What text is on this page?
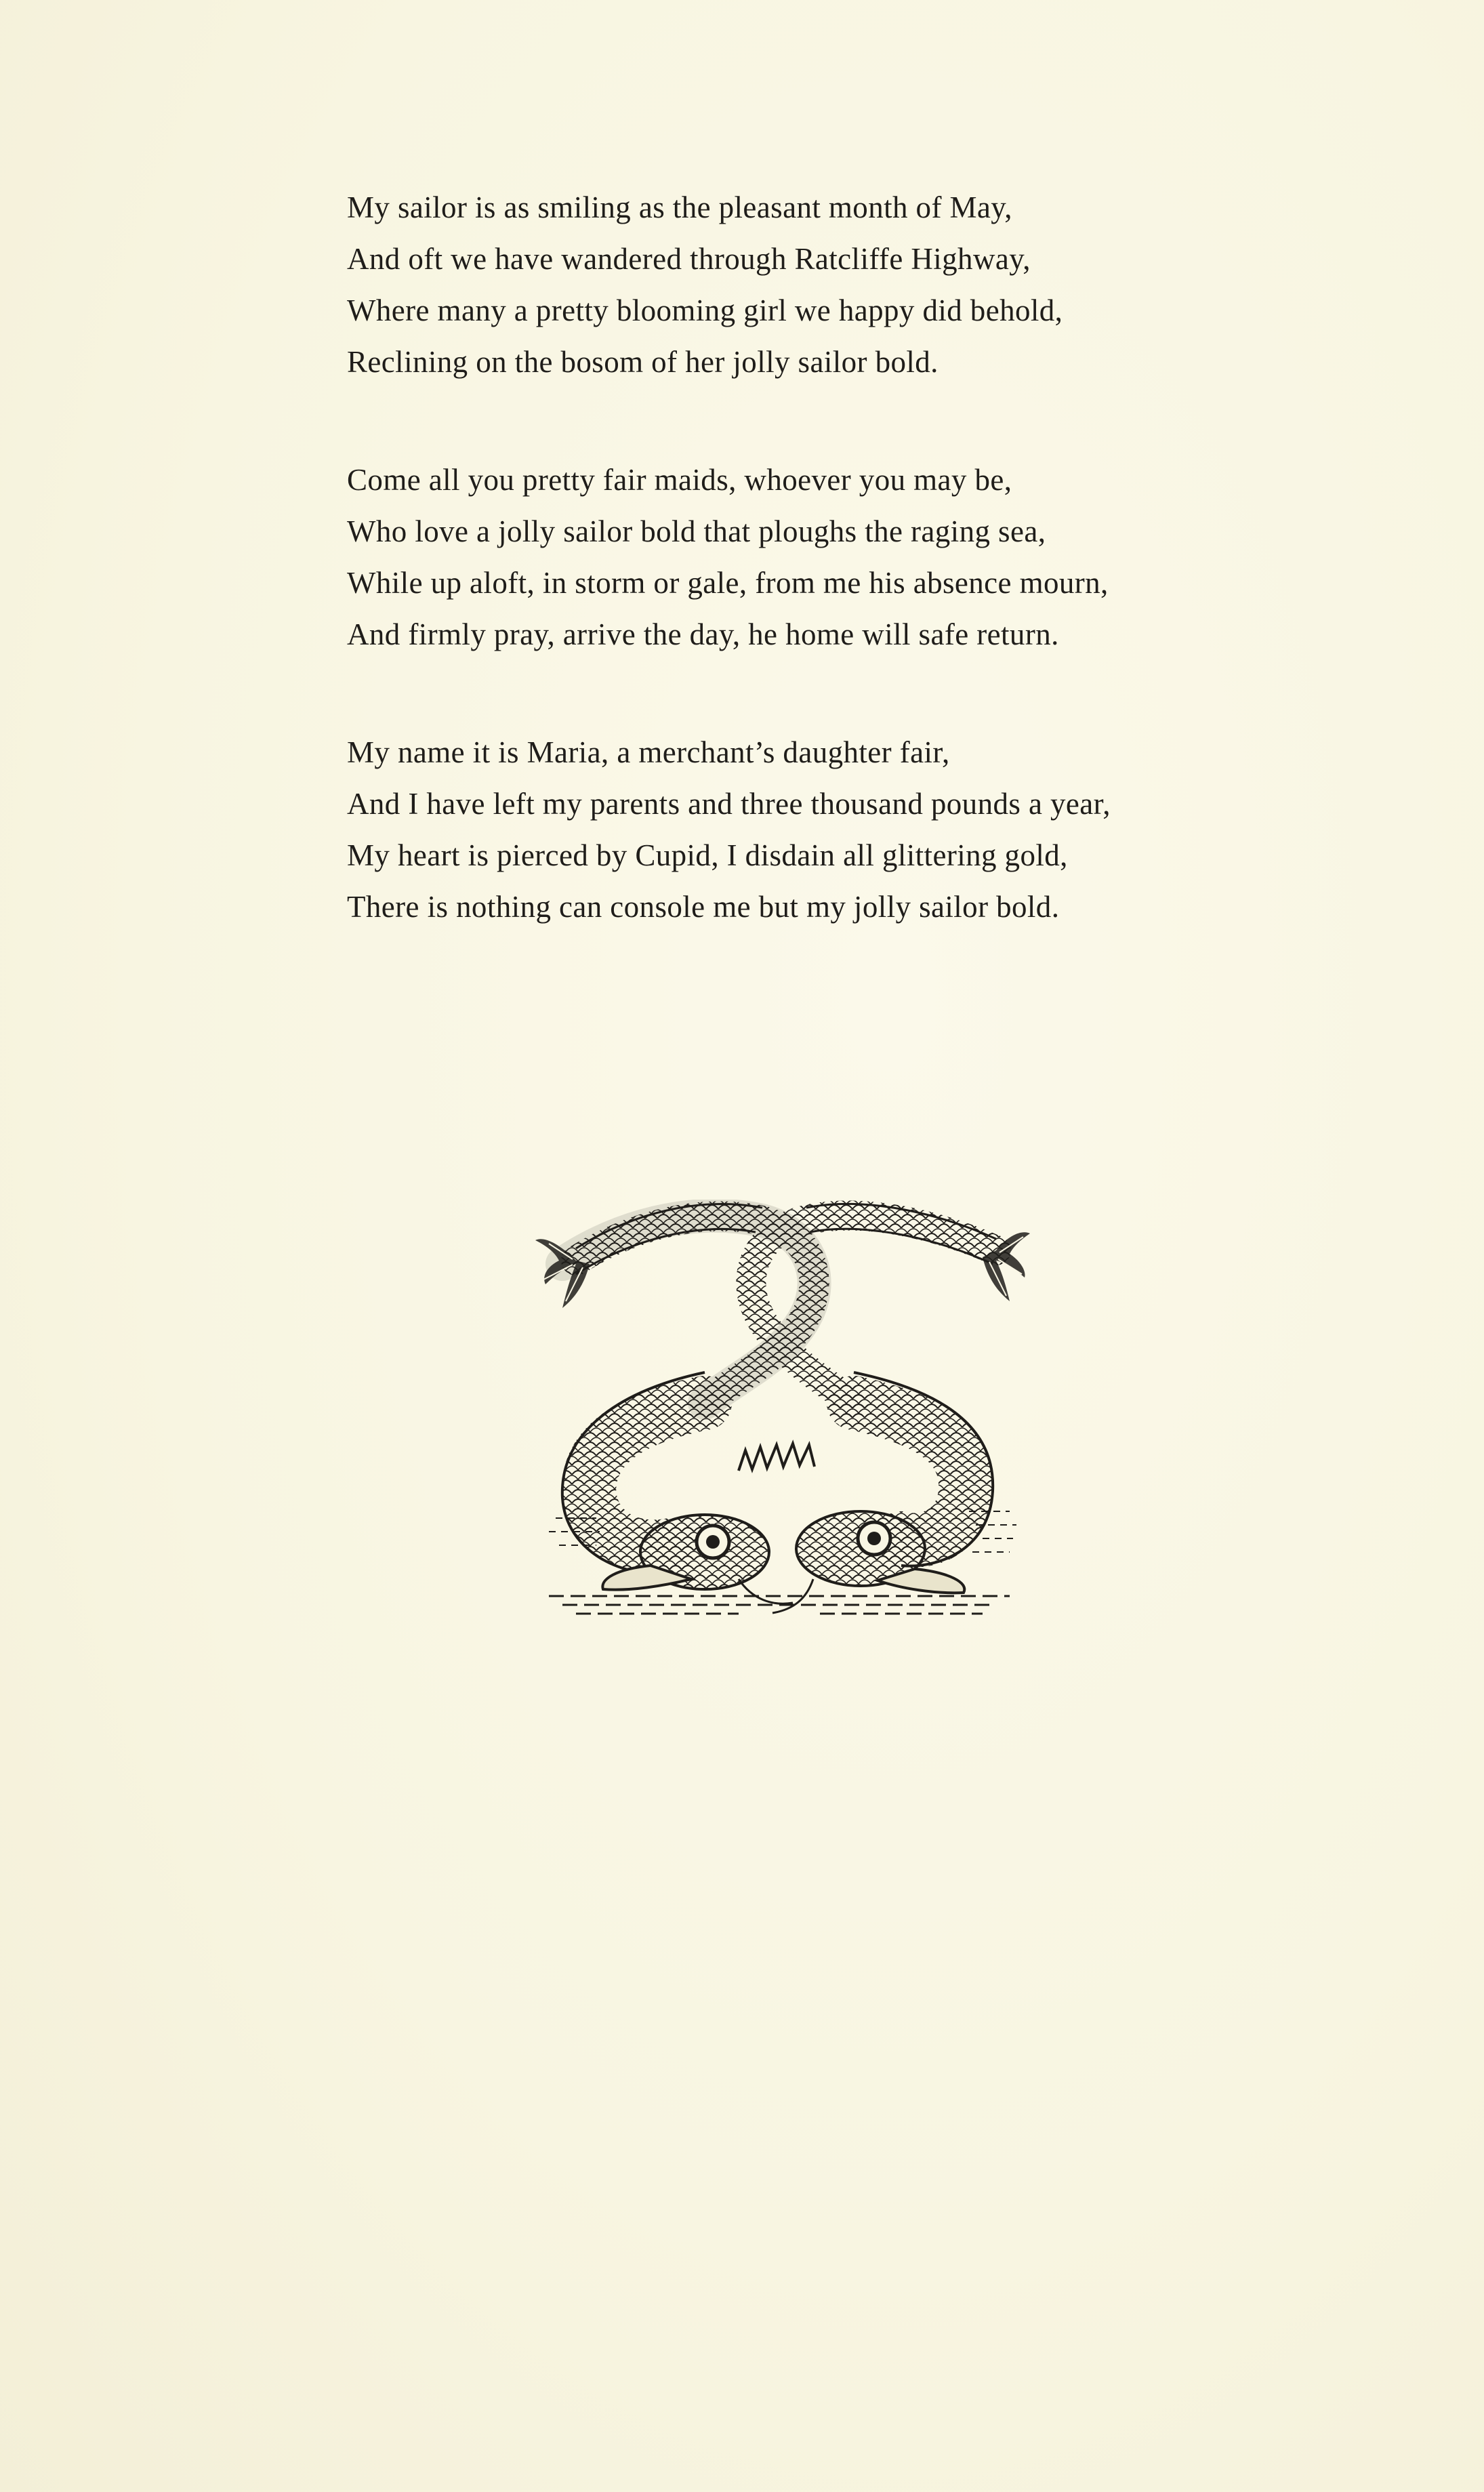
My sailor is as smiling as the pleasant month of May,
And oft we have wandered through Ratcliffe Highway,
Where many a pretty blooming girl we happy did behold,
Reclining on the bosom of her jolly sailor bold.
Come all you pretty fair maids, whoever you may be,
Who love a jolly sailor bold that ploughs the raging sea,
While up aloft, in storm or gale, from me his absence mourn,
And firmly pray, arrive the day, he home will safe return.
My name it is Maria, a merchant’s daughter fair,
And I have left my parents and three thousand pounds a year,
My heart is pierced by Cupid, I disdain all glittering gold,
There is nothing can console me but my jolly sailor bold.
